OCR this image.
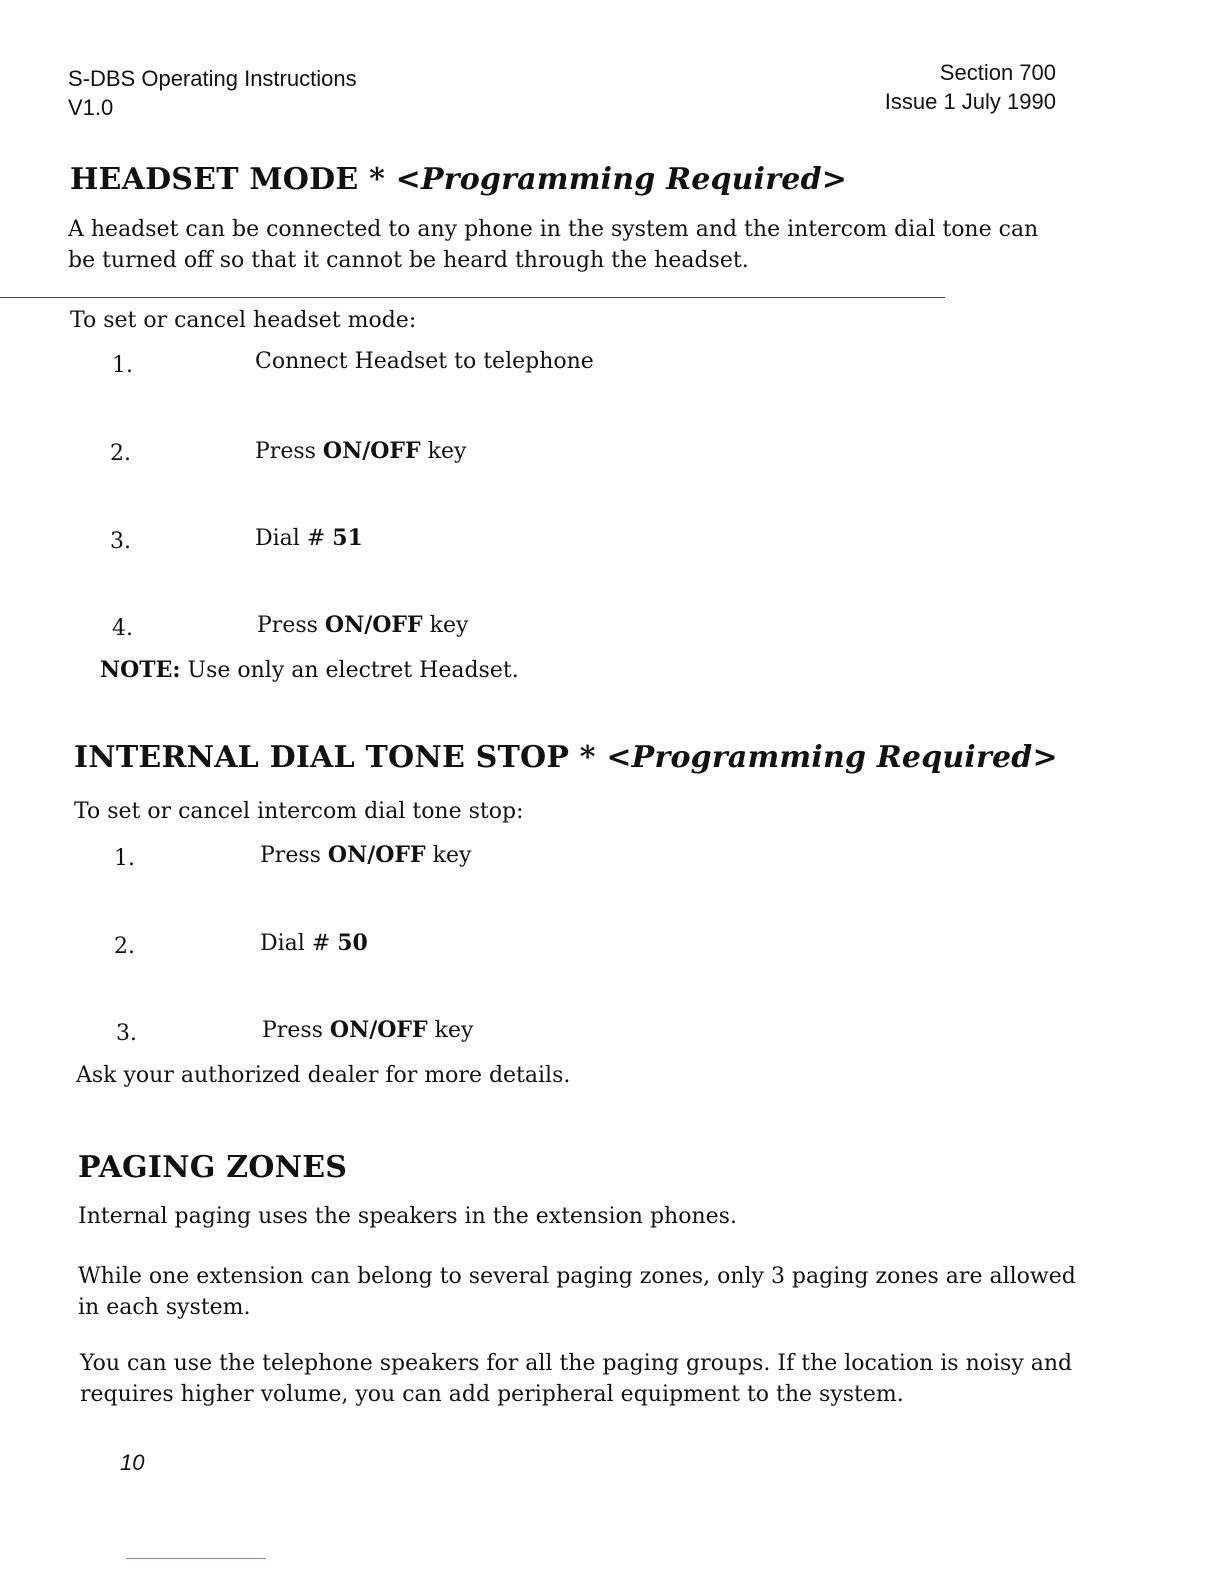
S-DBS Operating Instructions
V1.0
Section 700
Issue 1 July 1990
HEADSET MODE * <Programming Required>
A headset can be connected to any phone in the system and the intercom dial tone can be turned off so that it cannot be heard through the headset.
To set or cancel headset mode:
1.	Connect Headset to telephone
2.	Press ON/OFF key
3.	Dial # 51
4.	Press ON/OFF key
NOTE: Use only an electret Headset.
INTERNAL DIAL TONE STOP * <Programming Required>
To set or cancel intercom dial tone stop:
1.	Press ON/OFF key
2.	Dial # 50
3.	Press ON/OFF key
Ask your authorized dealer for more details.
PAGING ZONES
Internal paging uses the speakers in the extension phones.
While one extension can belong to several paging zones, only 3 paging zones are allowed in each system.
You can use the telephone speakers for all the paging groups. If the location is noisy and requires higher volume, you can add peripheral equipment to the system.
10
